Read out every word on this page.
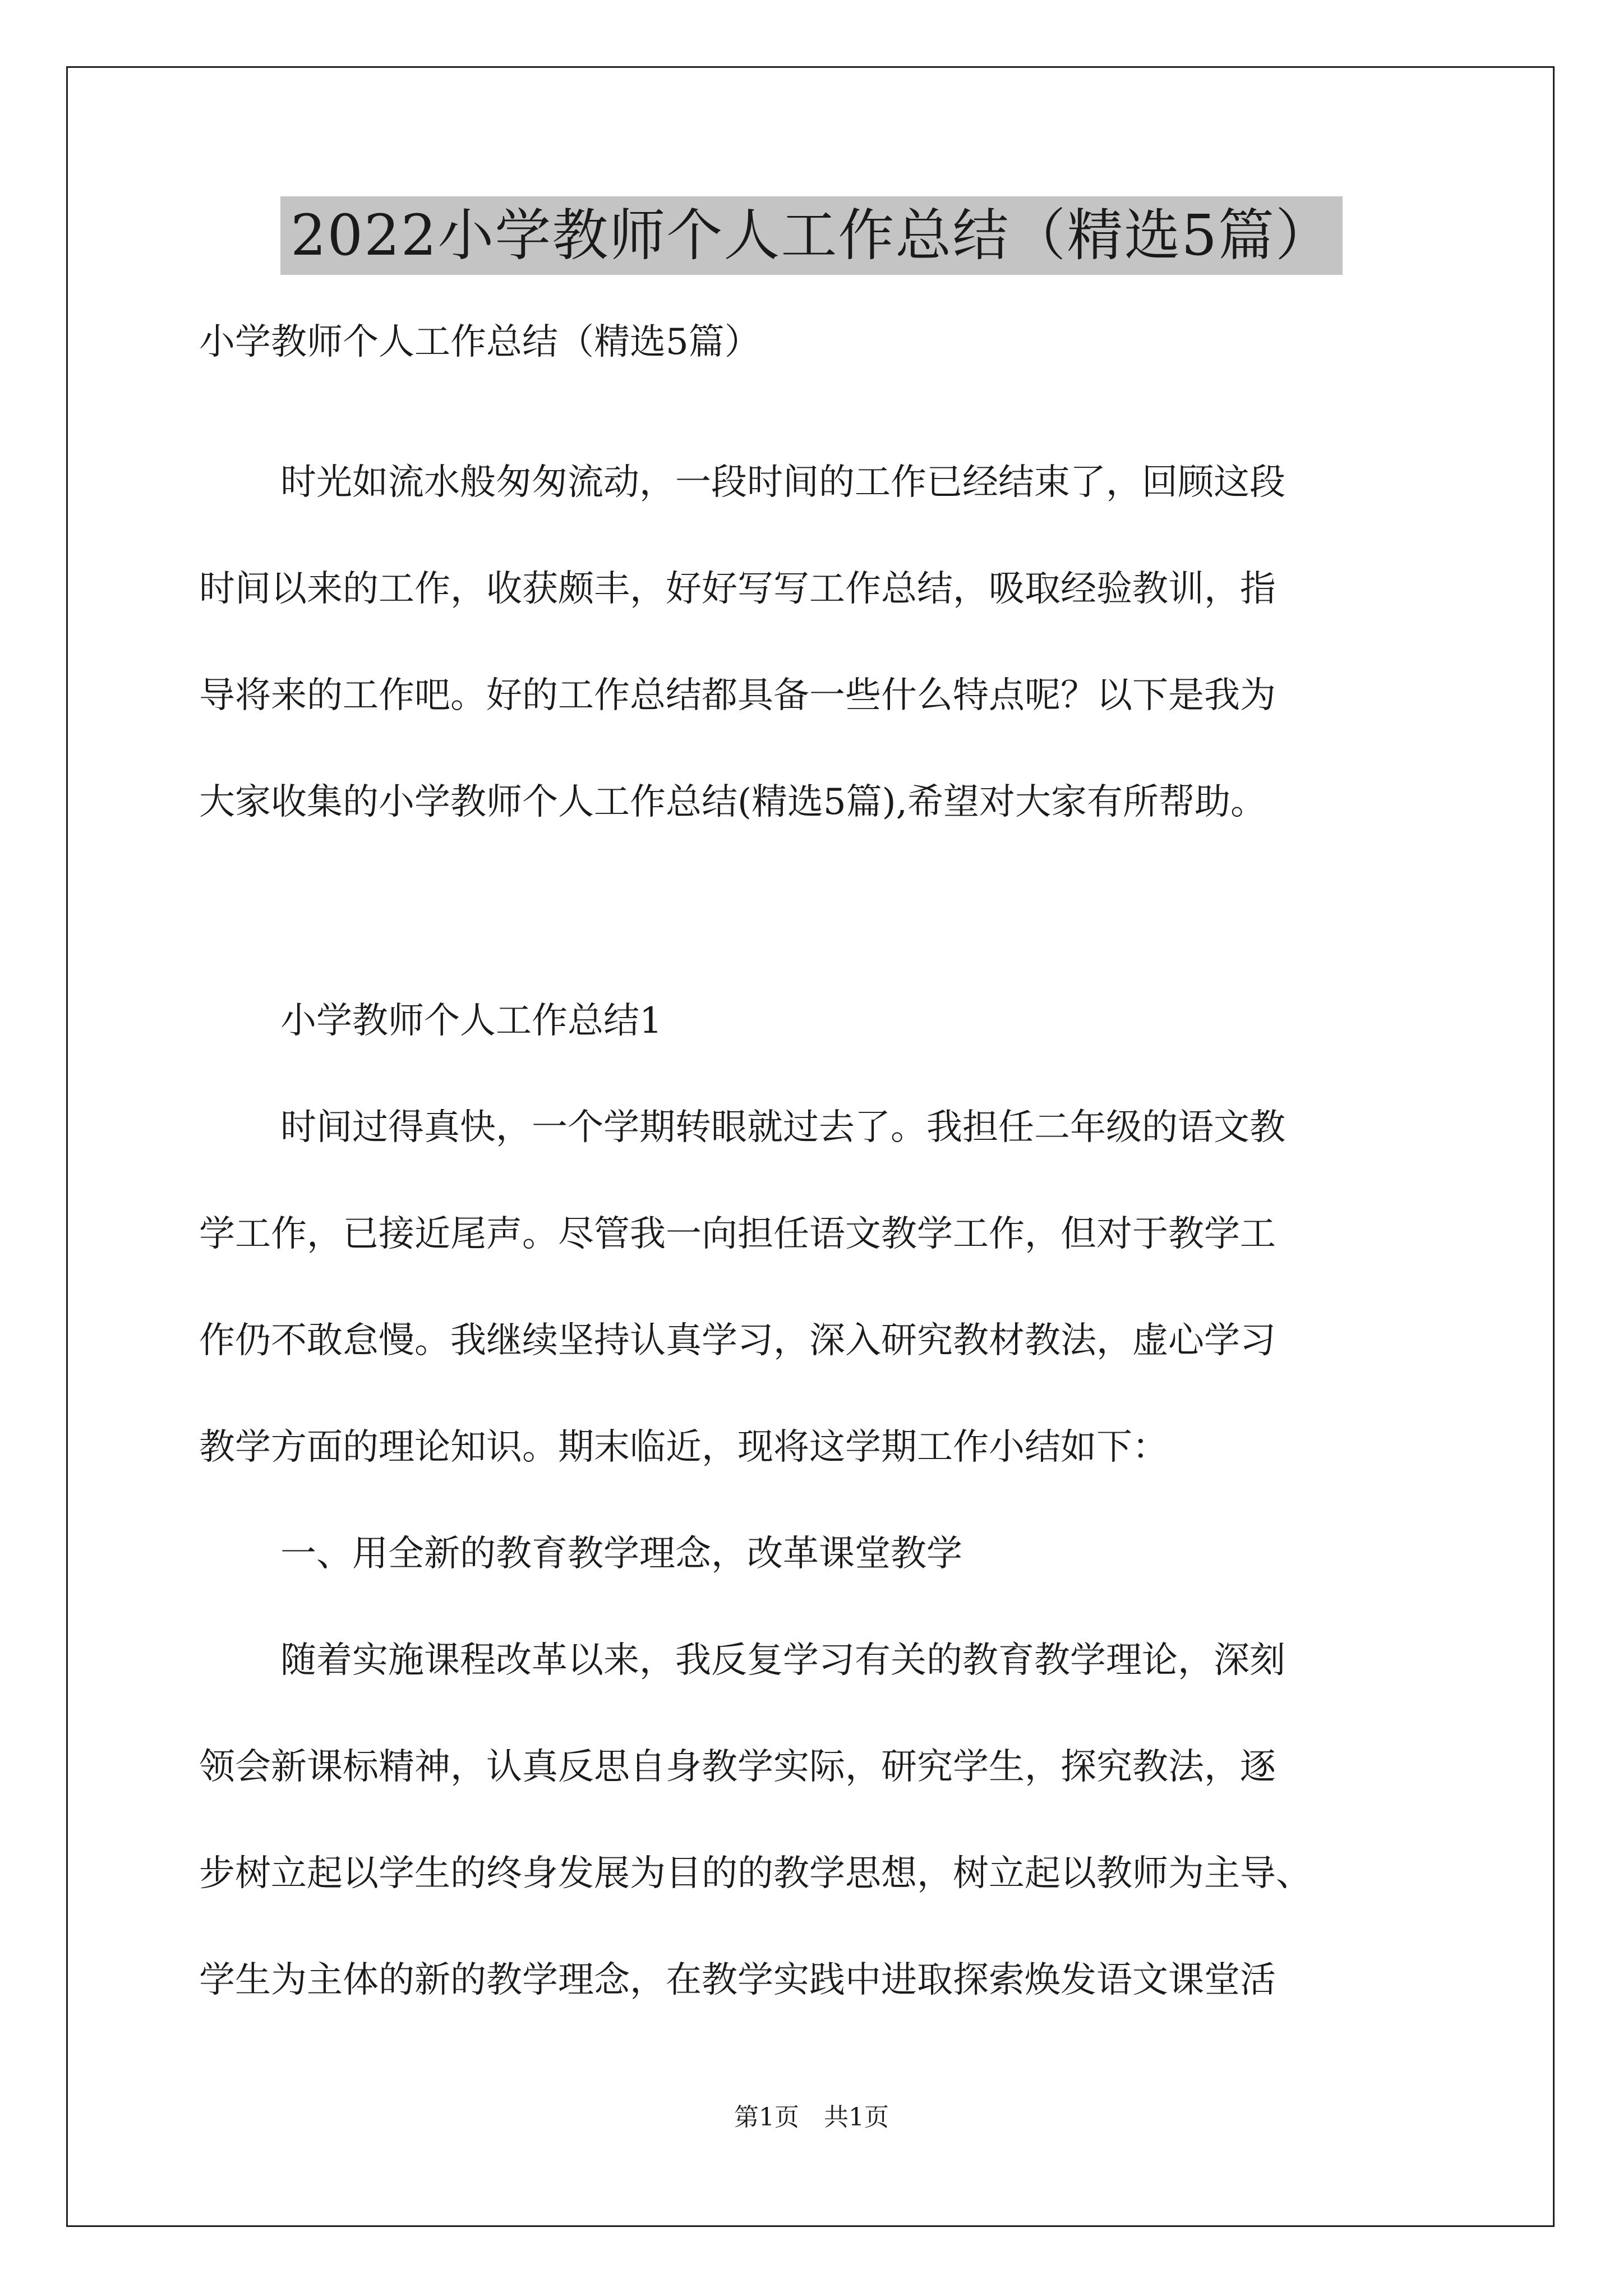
2022小学教师个人工作总结（精选5篇）
小学教师个人工作总结（精选5篇）
时光如流水般匆匆流动，一段时间的工作已经结束了，回顾这段
时间以来的工作，收获颇丰，好好写写工作总结，吸取经验教训，指
导将来的工作吧。好的工作总结都具备一些什么特点呢？以下是我为
大家收集的小学教师个人工作总结(精选5篇),希望对大家有所帮助。
小学教师个人工作总结1
时间过得真快，一个学期转眼就过去了。我担任二年级的语文教
学工作，已接近尾声。尽管我一向担任语文教学工作，但对于教学工
作仍不敢怠慢。我继续坚持认真学习，深入研究教材教法，虚心学习
教学方面的理论知识。期末临近，现将这学期工作小结如下：
一、用全新的教育教学理念，改革课堂教学
随着实施课程改革以来，我反复学习有关的教育教学理论，深刻
领会新课标精神，认真反思自身教学实际，研究学生，探究教法，逐
步树立起以学生的终身发展为目的的教学思想，树立起以教师为主导、
学生为主体的新的教学理念，在教学实践中进取探索焕发语文课堂活
第1页　共1页
